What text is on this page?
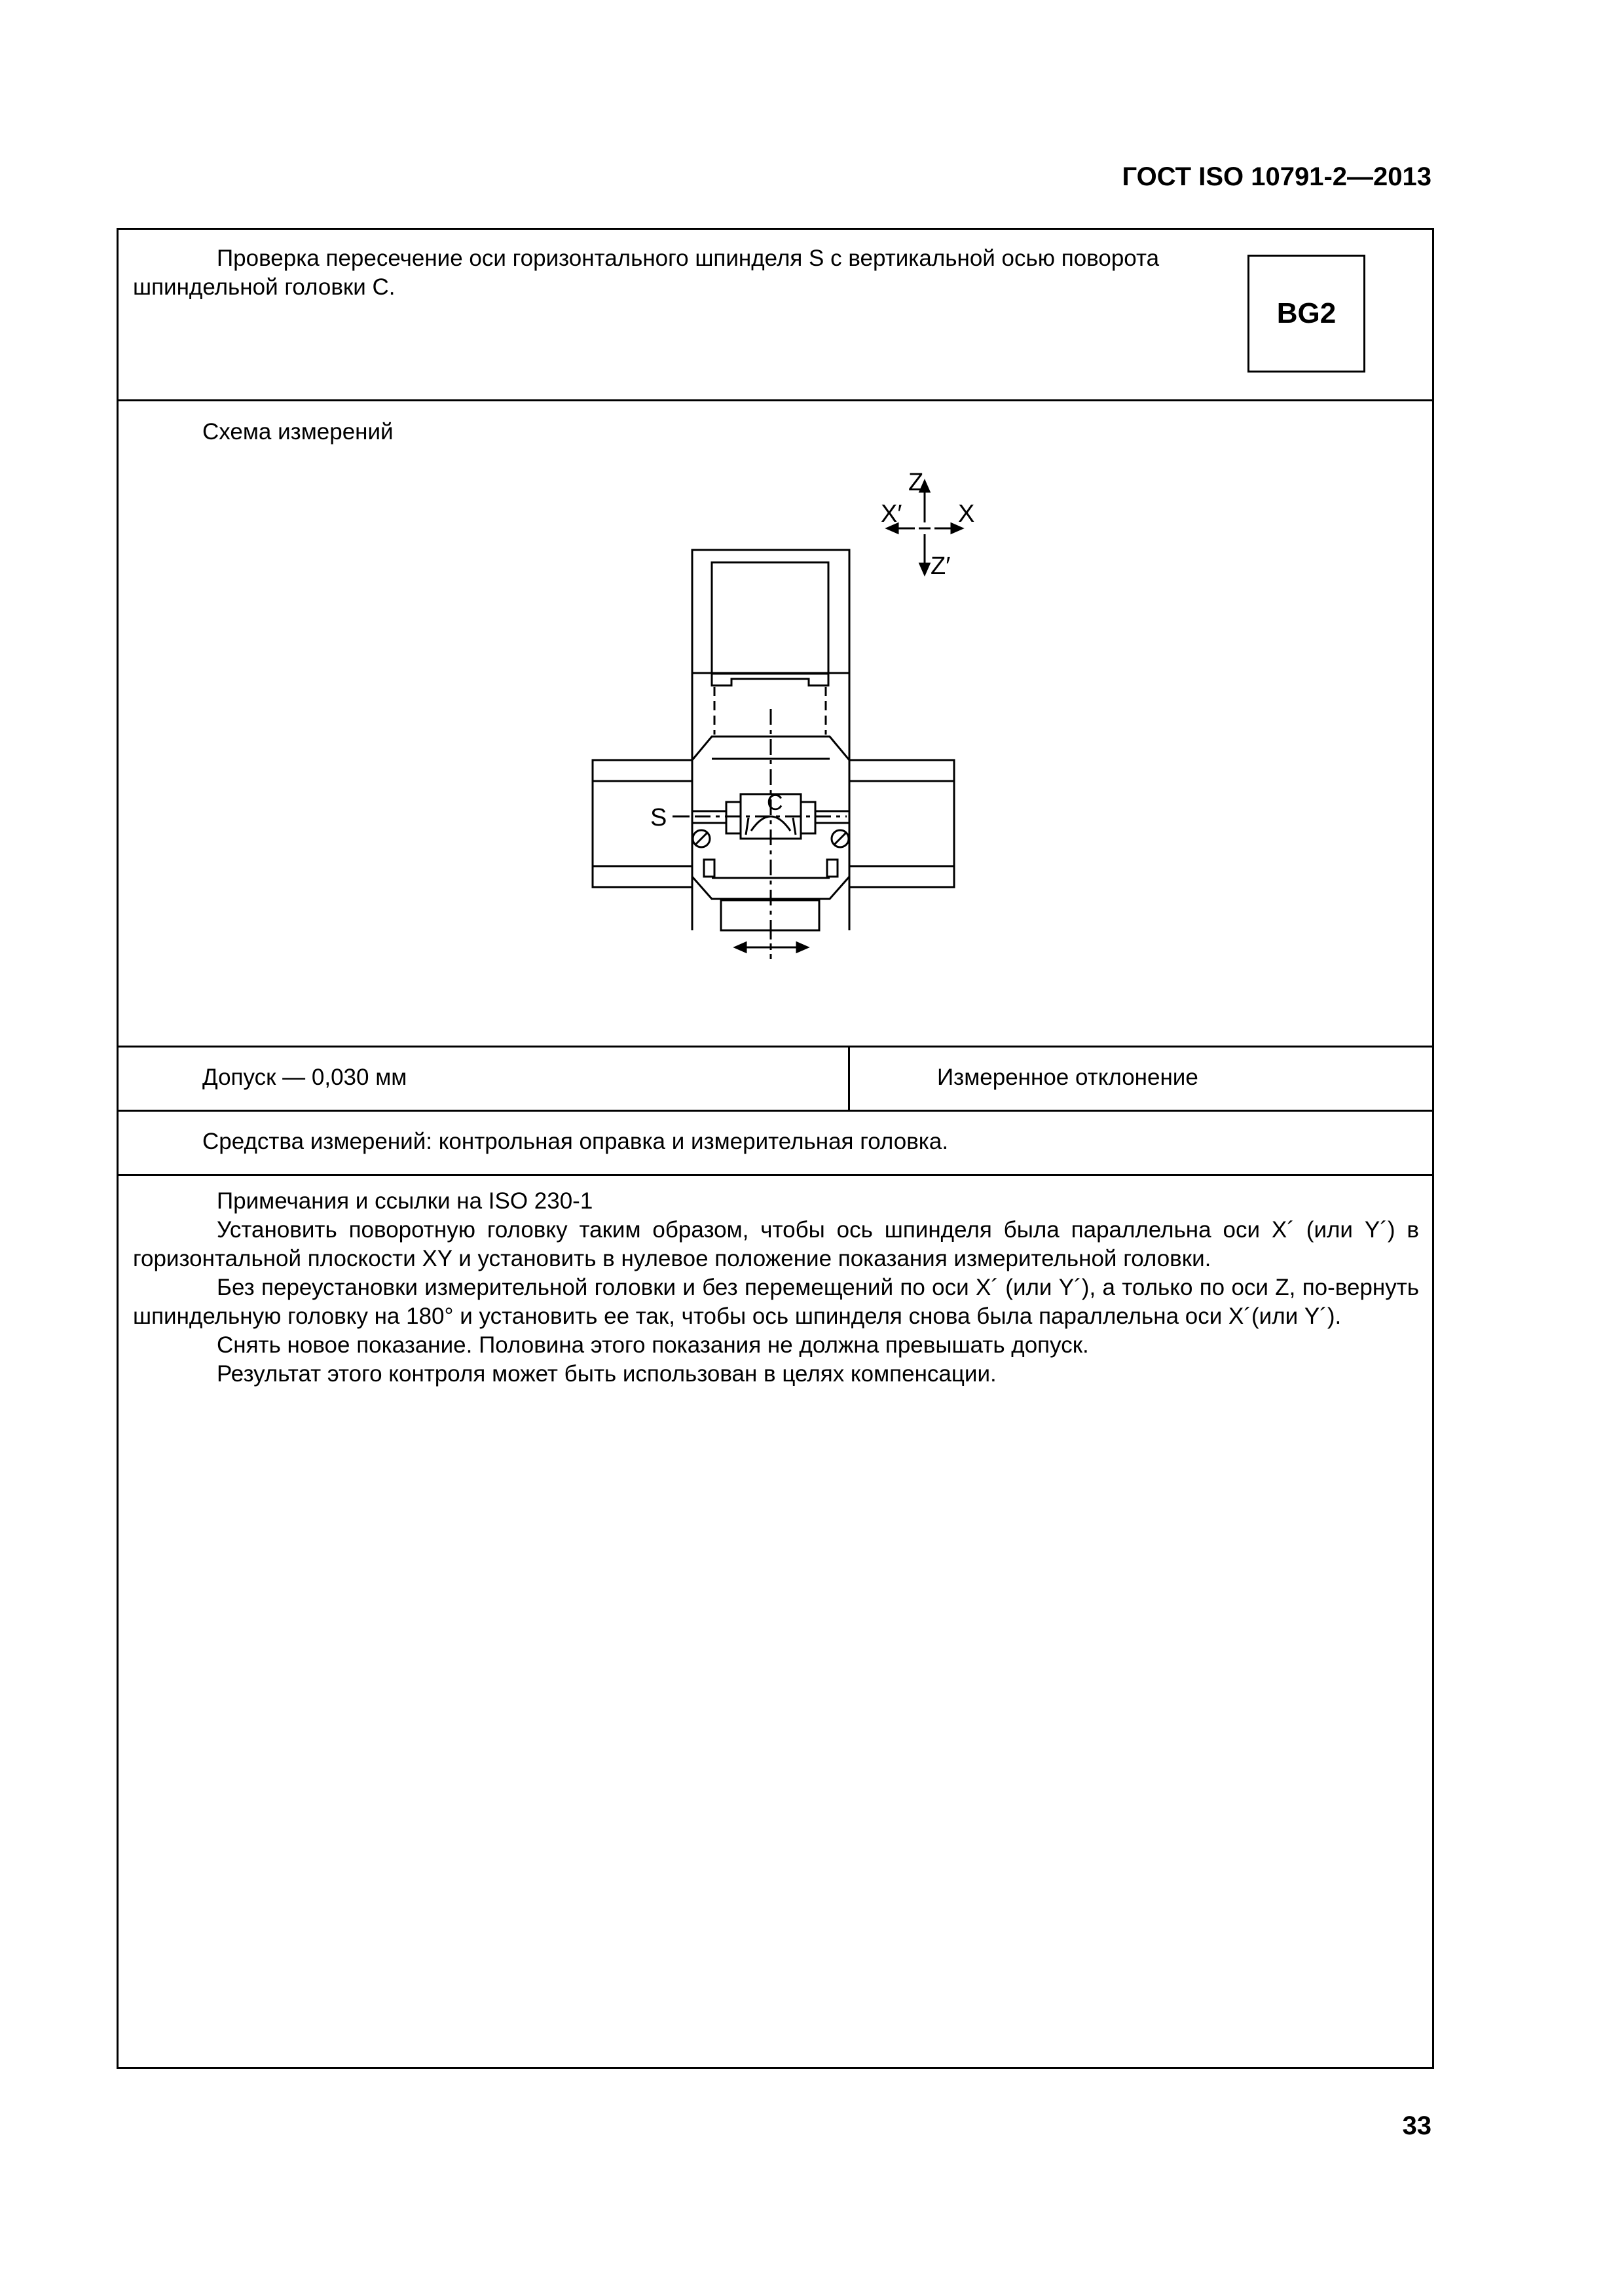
ГОСТ ISO 10791-2—2013
Проверка пересечение оси горизонтального шпинделя S с вертикальной осью поворота шпиндельной головки C.
BG2
Схема измерений
Z
Z′
X′ X
S
C
Допуск — 0,030 мм	Измеренное отклонение
Средства измерений: контрольная оправка и измерительная головка.
Примечания и ссылки на ISO 230-1
Установить поворотную головку таким образом, чтобы ось шпинделя была параллельна оси X´ (или Y´) в горизонтальной плоскости XY и установить в нулевое положение показания измерительной головки.
Без переустановки измерительной головки и без перемещений по оси X´ (или Y´), а только по оси Z, по-вернуть шпиндельную головку на 180° и установить ее так, чтобы ось шпинделя снова была параллельна оси X´(или Y´).
Снять новое показание. Половина этого показания не должна превышать допуск.
Результат этого контроля может быть использован в целях компенсации.
33
